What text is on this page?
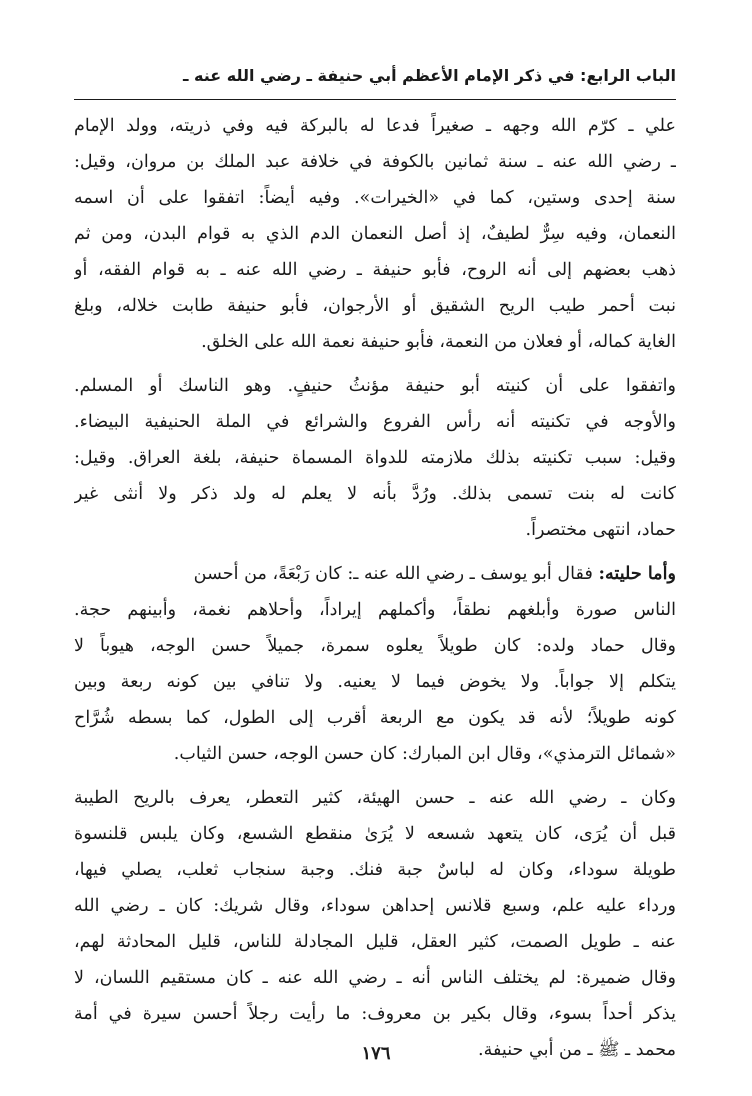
الباب الرابع: في ذكر الإمام الأعظم أبي حنيفة ـ رضي الله عنه ـ
علي ـ كرّم الله وجهه ـ صغيراً فدعا له بالبركة فيه وفي ذريته، وولد الإمام
ـ رضي الله عنه ـ سنة ثمانين بالكوفة في خلافة عبد الملك بن مروان، وقيل:
سنة إحدى وستين، كما في «الخيرات». وفيه أيضاً: اتفقوا على أن اسمه
النعمان، وفيه سِرٌّ لطيفٌ، إذ أصل النعمان الدم الذي به قوام البدن، ومن ثم
ذهب بعضهم إلى أنه الروح، فأبو حنيفة ـ رضي الله عنه ـ به قوام الفقه، أو
نبت أحمر طيب الريح الشقيق أو الأرجوان، فأبو حنيفة طابت خلاله، وبلغ
الغاية كماله، أو فعلان من النعمة، فأبو حنيفة نعمة الله على الخلق.
واتفقوا على أن كنيته أبو حنيفة مؤنثُ حنيفٍ. وهو الناسك أو المسلم.
والأوجه في تكنيته أنه رأس الفروع والشرائع في الملة الحنيفية البيضاء.
وقيل: سبب تكنيته بذلك ملازمته للدواة المسماة حنيفة، بلغة العراق. وقيل:
كانت له بنت تسمى بذلك. ورُدَّ بأنه لا يعلم له ولد ذكر ولا أنثى غير
حماد، انتهى مختصراً.
وأما حليته: فقال أبو يوسف ـ رضي الله عنه ـ: كان رَبْعَةً، من أحسن
الناس صورة وأبلغهم نطقاً، وأكملهم إيراداً، وأحلاهم نغمة، وأبينهم حجة.
وقال حماد ولده: كان طويلاً يعلوه سمرة، جميلاً حسن الوجه، هيوباً لا
يتكلم إلا جواباً. ولا يخوض فيما لا يعنيه. ولا تنافي بين كونه ربعة وبين
كونه طويلاً؛ لأنه قد يكون مع الربعة أقرب إلى الطول، كما بسطه شُرَّاح
«شمائل الترمذي»، وقال ابن المبارك: كان حسن الوجه، حسن الثياب.
وكان ـ رضي الله عنه ـ حسن الهيئة، كثير التعطر، يعرف بالريح الطيبة
قبل أن يُرَى، كان يتعهد شسعه لا يُرَىٰ منقطع الشسع، وكان يلبس قلنسوة
طويلة سوداء، وكان له لباسٌ جبة فنك. وجبة سنجاب ثعلب، يصلي فيها،
ورداء عليه علم، وسبع قلانس إحداهن سوداء، وقال شريك: كان ـ رضي الله
عنه ـ طويل الصمت، كثير العقل، قليل المجادلة للناس، قليل المحادثة لهم،
وقال ضميرة: لم يختلف الناس أنه ـ رضي الله عنه ـ كان مستقيم اللسان، لا
يذكر أحداً بسوء، وقال بكير بن معروف: ما رأيت رجلاً أحسن سيرة في أمة
محمد ـ ﷺ ـ من أبي حنيفة.
١٧٦
